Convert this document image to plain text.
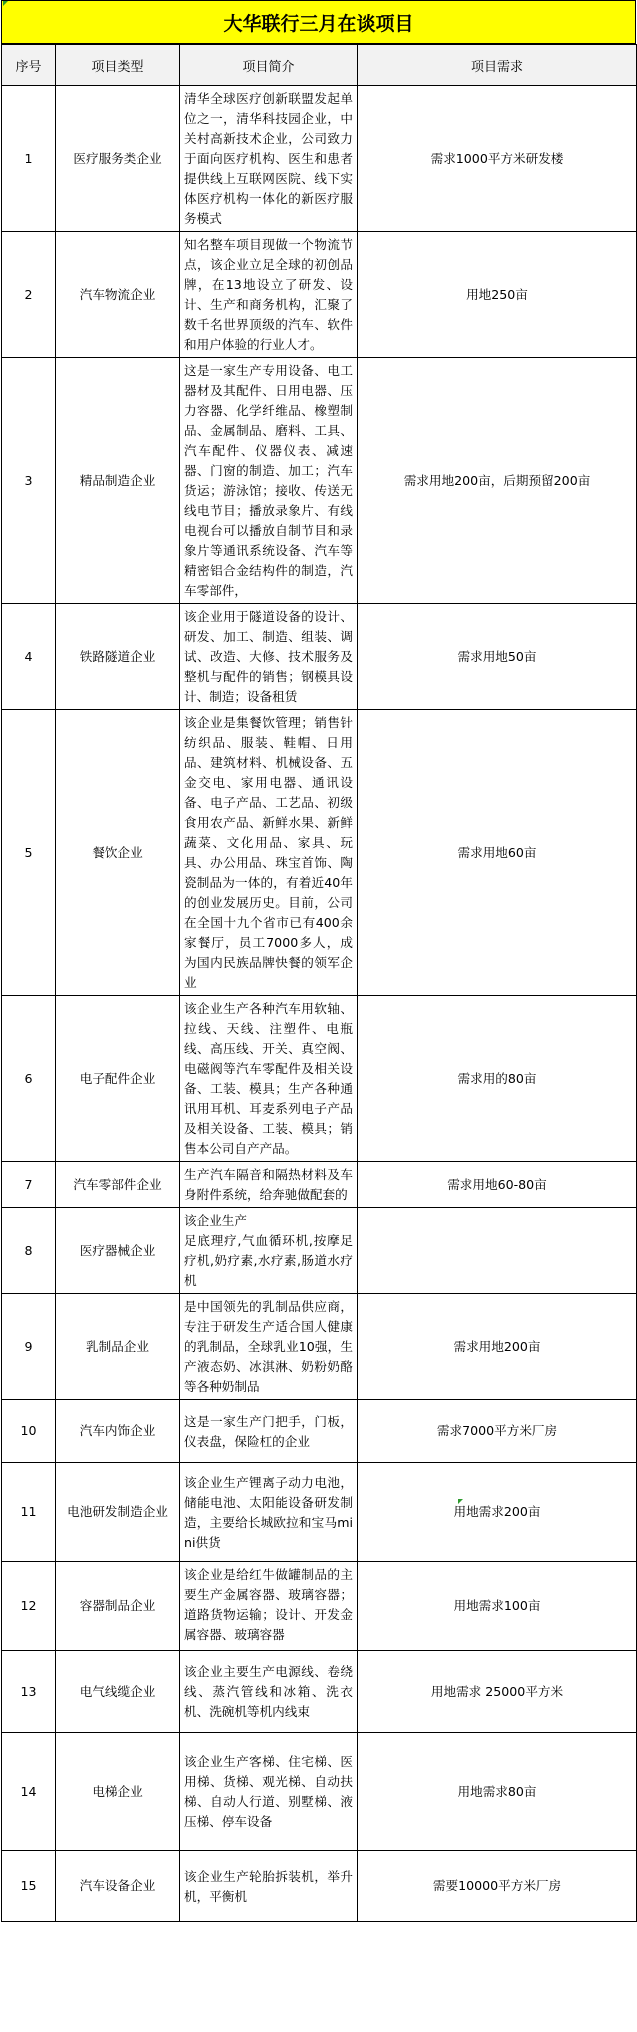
大华联行三月在谈项目
序号	项目类型	项目简介	项目需求
1	医疗服务类企业	清华全球医疗创新联盟发起单位之一，清华科技园企业，中关村高新技术企业，公司致力于面向医疗机构、医生和患者提供线上互联网医院、线下实体医疗机构一体化的新医疗服务模式	需求1000平方米研发楼
2	汽车物流企业	知名整车项目现做一个物流节点，该企业立足全球的初创品牌，在13地设立了研发、设计、生产和商务机构，汇聚了数千名世界顶级的汽车、软件和用户体验的行业人才。	用地250亩
3	精品制造企业	这是一家生产专用设备、电工器材及其配件、日用电器、压力容器、化学纤维品、橡塑制品、金属制品、磨料、工具、汽车配件、仪器仪表、减速器、门窗的制造、加工；汽车货运；游泳馆；接收、传送无线电节目；播放录象片、有线电视台可以播放自制节目和录象片等通讯系统设备、汽车等精密铝合金结构件的制造，汽车零部件，	需求用地200亩，后期预留200亩
4	铁路隧道企业	该企业用于隧道设备的设计、研发、加工、制造、组装、调试、改造、大修、技术服务及整机与配件的销售；钢模具设计、制造；设备租赁	需求用地50亩
5	餐饮企业	该企业是集餐饮管理；销售针纺织品、服装、鞋帽、日用品、建筑材料、机械设备、五金交电、家用电器、通讯设备、电子产品、工艺品、初级食用农产品、新鲜水果、新鲜蔬菜、文化用品、家具、玩具、办公用品、珠宝首饰、陶瓷制品为一体的，有着近40年的创业发展历史。目前，公司在全国十九个省市已有400余家餐厅，员工7000多人，成为国内民族品牌快餐的领军企业	需求用地60亩
6	电子配件企业	该企业生产各种汽车用软轴、拉线、天线、注塑件、电瓶线、高压线、开关、真空阀、电磁阀等汽车零配件及相关设备、工装、模具；生产各种通讯用耳机、耳麦系列电子产品及相关设备、工装、模具；销售本公司自产产品。	需求用的80亩
7	汽车零部件企业	生产汽车隔音和隔热材料及车身附件系统，给奔驰做配套的	需求用地60-80亩
8	医疗器械企业	该企业生产
足底理疗,气血循环机,按摩足疗机,奶疗素,水疗素,肠道水疗机	
9	乳制品企业	是中国领先的乳制品供应商，专注于研发生产适合国人健康的乳制品，全球乳业10强，生产液态奶、冰淇淋、奶粉奶酪等各种奶制品	需求用地200亩
10	汽车内饰企业	这是一家生产门把手，门板，仪表盘，保险杠的企业	需求7000平方米厂房
11	电池研发制造企业	该企业生产锂离子动力电池，储能电池、太阳能设备研发制造，主要给长城欧拉和宝马mini供货	用地需求200亩
12	容器制品企业	该企业是给红牛做罐制品的主要生产金属容器、玻璃容器；道路货物运输；设计、开发金属容器、玻璃容器	用地需求100亩
13	电气线缆企业	该企业主要生产电源线、卷绕线、蒸汽管线和冰箱、洗衣机、洗碗机等机内线束	用地需求 25000平方米
14	电梯企业	该企业生产客梯、住宅梯、医用梯、货梯、观光梯、自动扶梯、自动人行道、别墅梯、液压梯、停车设备	用地需求80亩
15	汽车设备企业	该企业生产轮胎拆装机，举升机，平衡机	需要10000平方米厂房
